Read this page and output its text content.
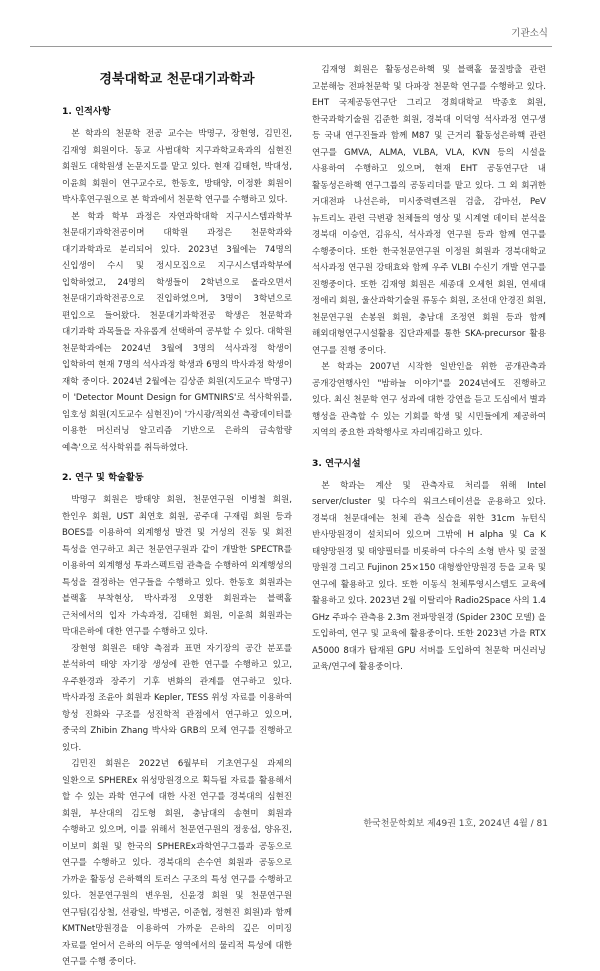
기관소식
경북대학교 천문대기과학과
1. 인적사항

본 학과의 천문학 전공 교수는 박명구, 장현영, 김민진, 김재영 회원이다. 동교 사범대학 지구과학교육과의 심현진 회원도 대학원생 논문지도를 맡고 있다. 현재 김태헌, 박대성, 이윤희 회원이 연구교수로, 한동호, 방태양, 이정환 회원이 박사후연구원으로 본 학과에서 천문학 연구를 수행하고 있다.

본 학과 학부 과정은 자연과학대학 지구시스템과학부 천문대기과학전공이며 대학원 과정은 천문학과와 대기과학과로 분리되어 있다. 2023년 3월에는 74명의 신입생이 수시 및 정시모집으로 지구시스템과학부에 입학하였고, 24명의 학생들이 2학년으로 올라오면서 천문대기과학전공으로 진입하였으며, 3명이 3학년으로 편입으로 들어왔다. 천문대기과학전공 학생은 천문학과 대기과학 과목들을 자유롭게 선택하여 공부할 수 있다. 대학원 천문학과에는 2024년 3월에 3명의 석사과정 학생이 입학하여 현재 7명의 석사과정 학생과 6명의 박사과정 학생이 재학 중이다. 2024년 2월에는 김상준 회원(지도교수 박명구)이 'Detector Mount Design for GMTNIRS'로 석사학위를, 임호성 회원(지도교수 심현진)이 '가시광/적외선 측광데이터를 이용한 머신러닝 알고리즘 기반으로 은하의 금속함량 예측'으로 석사학위를 취득하였다.

2. 연구 및 학술활동

박명구 회원은 방태양 회원, 천문연구원 이병철 회원, 한인우 회원, UST 최연호 회원, 공주대 구재림 회원 등과 BOES를 이용하여 외계행성 발견 및 거성의 진동 및 회전 특성을 연구하고 최근 천문연구원과 같이 개발한 SPECTR를 이용하여 외계행성 투과스펙트럼 관측을 수행하여 외계행성의 특성을 결정하는 연구들을 수행하고 있다. 한동호 회원과는 블랙홀 부착현상, 박사과정 오명환 회원과는 블랙홀 근처에서의 입자 가속과정, 김태헌 회원, 이윤희 회원과는 막대은하에 대한 연구를 수행하고 있다.

장현영 회원은 태양 측점과 표면 자기장의 공간 분포를 분석하여 태양 자기장 생성에 관한 연구를 수행하고 있고, 우주환경과 장주기 기후 변화의 관계를 연구하고 있다. 박사과정 조윤아 회원과 Kepler, TESS 위성 자료를 이용하여 항성 진화와 구조를 성진학적 관점에서 연구하고 있으며, 중국의 Zhibin Zhang 박사와 GRB의 모체 연구를 진행하고 있다.

김민진 회원은 2022년 6월부터 기초연구실 과제의 일환으로 SPHEREx 위성망원경으로 획득될 자료를 활용해서 할 수 있는 과학 연구에 대한 사전 연구를 경북대의 심현진 회원, 부산대의 김도형 회원, 충남대의 송현미 회원과 수행하고 있으며, 이를 위해서 천문연구원의 정웅섭, 양유진, 이보미 회원 및 한국의 SPHEREx과학연구그룹과 공동으로 연구를 수행하고 있다. 경북대의 손수연 회원과 공동으로 가까운 활동성 은하핵의 토러스 구조의 특성 연구를 수행하고 있다. 천문연구원의 변우원, 신윤경 회원 및 천문연구원 연구팀(김상철, 선광일, 박병곤, 이준협, 정현진 회원)과 함께 KMTNet망원경을 이용하여 가까운 은하의 깊은 이미징 자료를 얻어서 은하의 어두운 영역에서의 물리적 특성에 대한 연구를 수행 중이다.

김재영 회원은 활동성은하핵 및 블랙홀 물질방출 관련 고분해능 전파천문학 및 다파장 천문학 연구를 수행하고 있다. EHT 국제공동연구단 그리고 경희대학교 박종호 회원, 한국과학기술원 김준한 회원, 경북대 이덕영 석사과정 연구생 등 국내 연구진들과 함께 M87 및 근거리 활동성은하핵 관련 연구를 GMVA, ALMA, VLBA, VLA, KVN 등의 시설을 사용하여 수행하고 있으며, 현재 EHT 공동연구단 내 활동성은하핵 연구그룹의 공동리더를 맡고 있다. 그 외 회귀한 거대전파 나선은하, 미시중력렌즈원 검출, 감마선, PeV 뉴트리노 관련 극변광 천체들의 영상 및 시계열 데이터 분석을 경북대 이승연, 김유식, 석사과정 연구원 등과 함께 연구를 수행중이다. 또한 한국천문연구원 이정원 회원과 경북대학교 석사과정 연구원 강태효와 함께 우주 VLBI 수신기 개발 연구를 진행중이다. 또한 김재영 회원은 세종대 오세헌 회원, 연세대 정애리 회원, 울산과학기술원 류동수 회원, 조선대 안경진 회원, 천문연구원 손봉원 회원, 충남대 조정연 회원 등과 함께 해외대형연구시설활용 집단과제를 통한 SKA-precursor 활용 연구를 진행 중이다.

본 학과는 2007년 시작한 일반인을 위한 공개관측과 공개강연행사인 "밤하늘 이야기"를 2024년에도 진행하고 있다. 최신 천문학 연구 성과에 대한 강연을 듣고 도심에서 별과 행성을 관측할 수 있는 기회를 학생 및 시민들에게 제공하여 지역의 중요한 과학행사로 자리매김하고 있다.

3. 연구시설

본 학과는 계산 및 관측자료 처리를 위해 Intel server/cluster 및 다수의 워크스테이션을 운용하고 있다. 경북대 천문대에는 천체 관측 실습을 위한 31cm 뉴턴식 반사망원경이 설치되어 있으며 그밖에 H alpha 및 Ca K 태양망원경 및 태양필터를 비롯하여 다수의 소형 반사 및 굴절 망원경 그리고 Fujinon 25×150 대형쌍안망원경 등을 교육 및 연구에 활용하고 있다. 또한 이동식 천체투영시스템도 교육에 활용하고 있다. 2023년 2월 이탈리아 Radio2Space 사의 1.4 GHz 주파수 관측용 2.3m 전파망원경 (Spider 230C 모델) 을 도입하여, 연구 및 교육에 활용중이다. 또한 2023년 가을 RTX A5000 8대가 탑재된 GPU 서버를 도입하여 천문학 머신러닝 교육/연구에 활용중이다.

한국천문학회보 제49권 1호, 2024년 4월 / 81
